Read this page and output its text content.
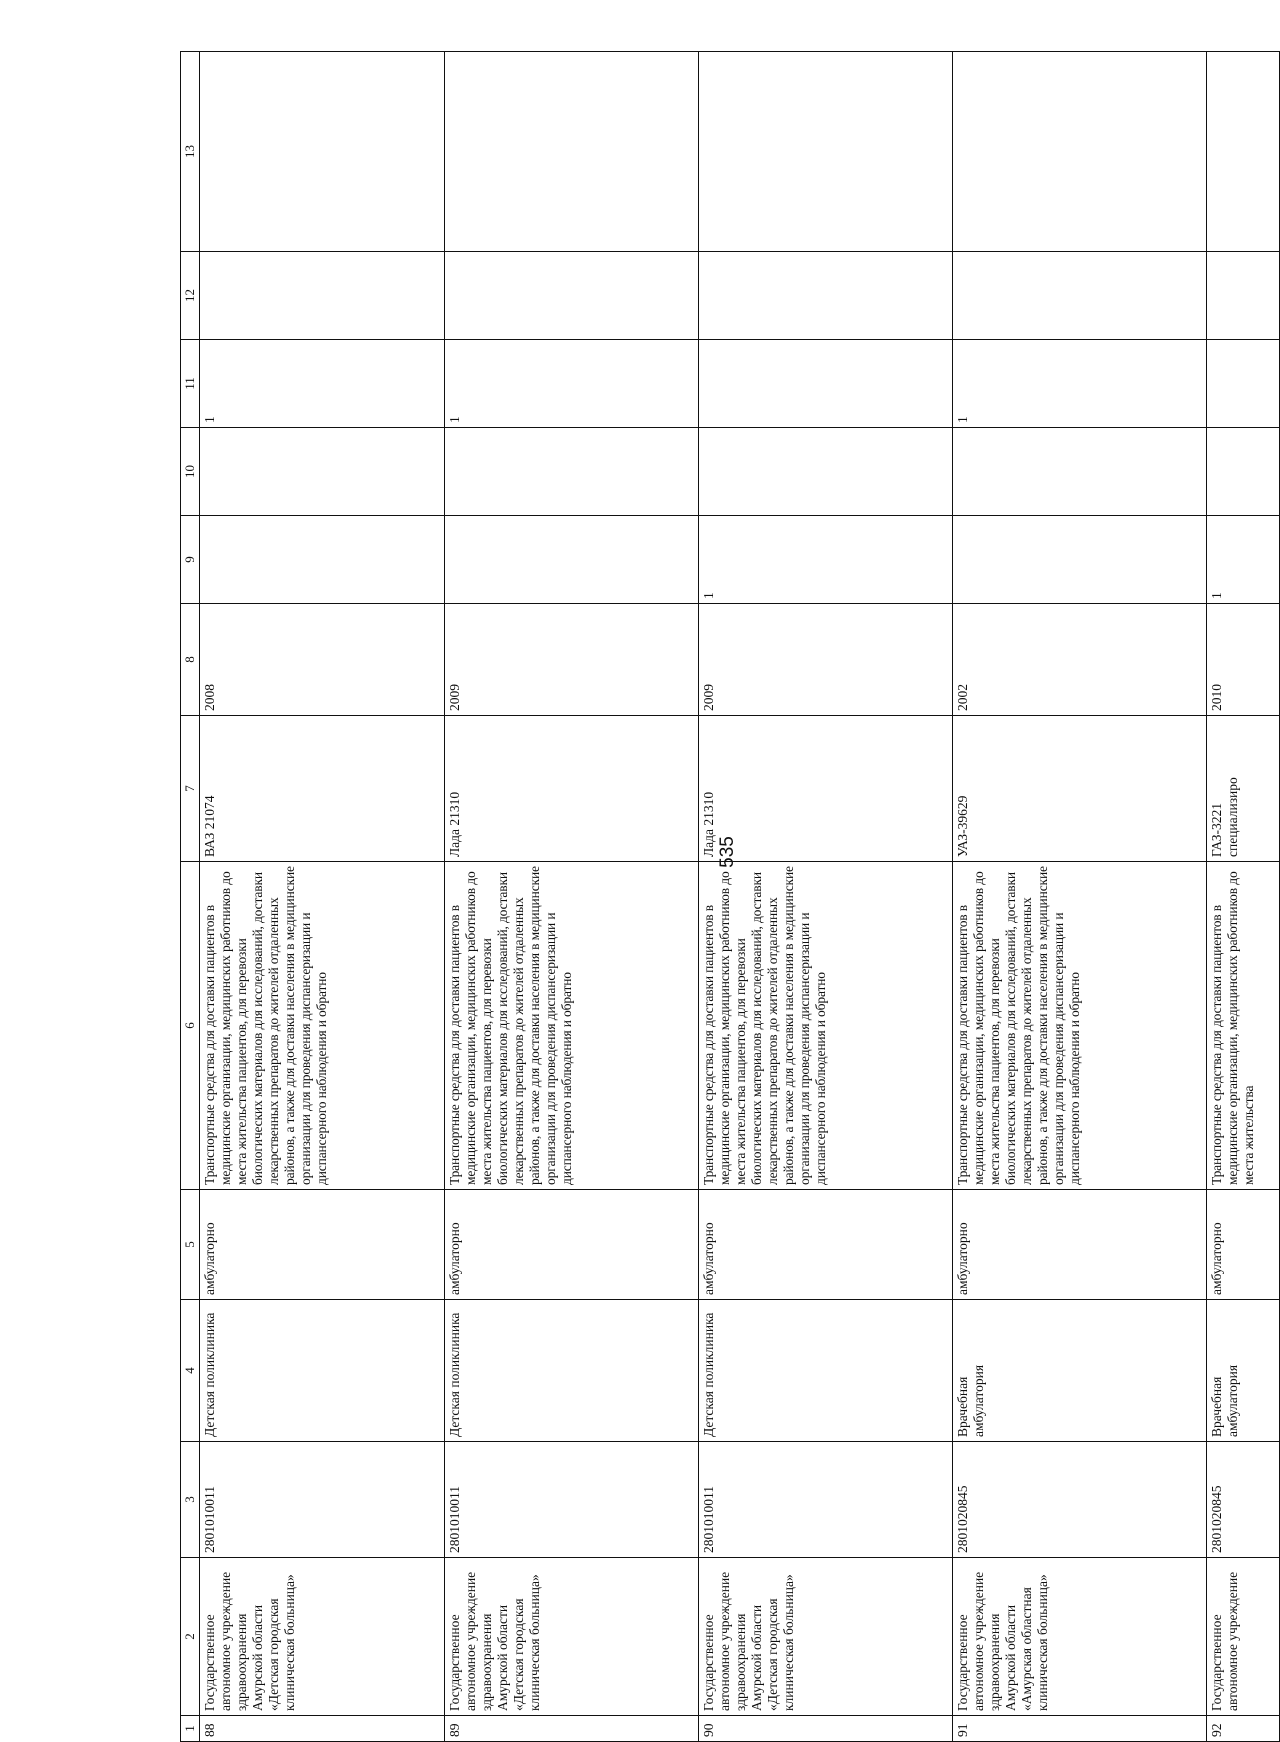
535
1	2	3	4	5	6	7	8	9	10	11	12	13
88	Государственное автономное учреждение здравоохранения Амурской области «Детская городская клиническая больница»	2801010011	Детская поликлиника	амбулаторно	Транспортные средства для доставки пациентов в медицинские организации, медицинских работников до места жительства пациентов, для перевозки биологических материалов для исследований, доставки лекарственных препаратов до жителей отдаленных районов, а также для доставки населения в медицинские организации для проведения диспансеризации и диспансерного наблюдения и обратно	ВАЗ 21074	2008			1		
89	Государственное автономное учреждение здравоохранения Амурской области «Детская городская клиническая больница»	2801010011	Детская поликлиника	амбулаторно	Транспортные средства для доставки пациентов в медицинские организации, медицинских работников до места жительства пациентов, для перевозки биологических материалов для исследований, доставки лекарственных препаратов до жителей отдаленных районов, а также для доставки населения в медицинские организации для проведения диспансеризации и диспансерного наблюдения и обратно	Лада 21310	2009			1		
90	Государственное автономное учреждение здравоохранения Амурской области «Детская городская клиническая больница»	2801010011	Детская поликлиника	амбулаторно	Транспортные средства для доставки пациентов в медицинские организации, медицинских работников до места жительства пациентов, для перевозки биологических материалов для исследований, доставки лекарственных препаратов до жителей отдаленных районов, а также для доставки населения в медицинские организации для проведения диспансеризации и диспансерного наблюдения и обратно	Лада 21310	2009	1				
91	Государственное автономное учреждение здравоохранения Амурской области «Амурская областная клиническая больница»	2801020845	Врачебная амбулатория	амбулаторно	Транспортные средства для доставки пациентов в медицинские организации, медицинских работников до места жительства пациентов, для перевозки биологических материалов для исследований, доставки лекарственных препаратов до жителей отдаленных районов, а также для доставки населения в медицинские организации для проведения диспансеризации и диспансерного наблюдения и обратно	УАЗ-39629	2002			1		
92	Государственное автономное учреждение	2801020845	Врачебная амбулатория	амбулаторно	Транспортные средства для доставки пациентов в медицинские организации, медицинских работников до места жительства	ГАЗ-3221 специализиро	2010	1				
